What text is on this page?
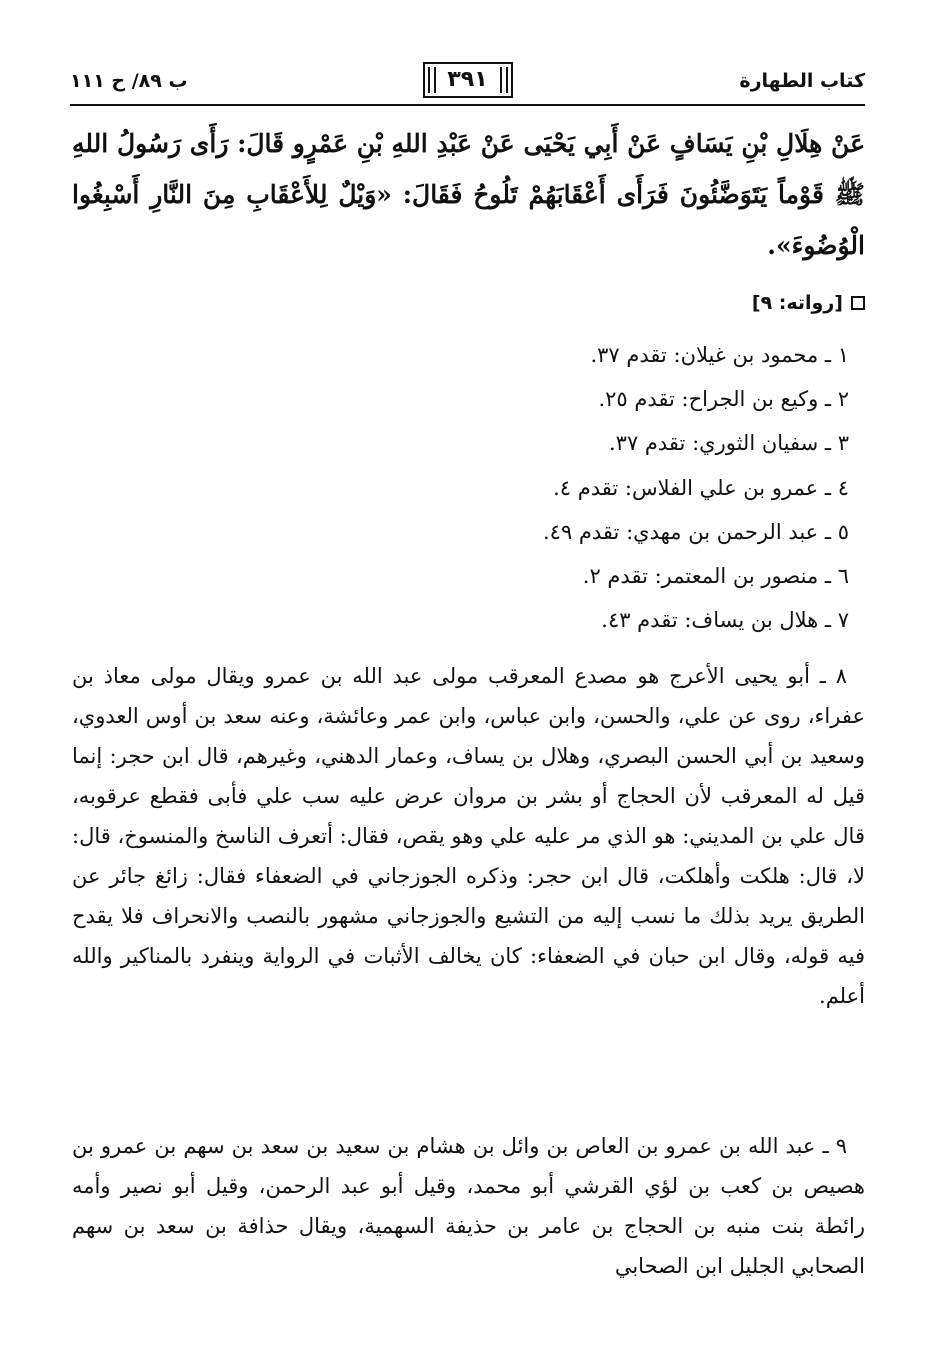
كتاب الطهارة
٣٩١
ب ٨٩/ ح ١١١
عَنْ هِلَالِ بْنِ يَسَافٍ عَنْ أَبِي يَحْيَى عَنْ عَبْدِ اللهِ بْنِ عَمْرٍو قَالَ: رَأَى رَسُولُ اللهِ ﷺ قَوْماً يَتَوَضَّئُونَ فَرَأَى أَعْقَابَهُمْ تَلُوحُ فَقَالَ: «وَيْلٌ لِلأَعْقَابِ مِنَ النَّارِ أَسْبِغُوا الْوُضُوءَ».
[رواته: ٩]
١ ـ محمود بن غيلان: تقدم ٣٧.
٢ ـ وكيع بن الجراح: تقدم ٢٥.
٣ ـ سفيان الثوري: تقدم ٣٧.
٤ ـ عمرو بن علي الفلاس: تقدم ٤.
٥ ـ عبد الرحمن بن مهدي: تقدم ٤٩.
٦ ـ منصور بن المعتمر: تقدم ٢.
٧ ـ هلال بن يساف: تقدم ٤٣.

٨ ـ أبو يحيى الأعرج هو مصدع المعرقب مولى عبد الله بن عمرو ويقال مولى معاذ بن عفراء، روى عن علي، والحسن، وابن عباس، وابن عمر وعائشة، وعنه سعد بن أوس العدوي، وسعيد بن أبي الحسن البصري، وهلال بن يساف، وعمار الدهني، وغيرهم، قال ابن حجر: إنما قيل له المعرقب لأن الحجاج أو بشر بن مروان عرض عليه سب علي فأبى فقطع عرقوبه، قال علي بن المديني: هو الذي مر عليه علي وهو يقص، فقال: أتعرف الناسخ والمنسوخ، قال: لا، قال: هلكت وأهلكت، قال ابن حجر: وذكره الجوزجاني في الضعفاء فقال: زائغ جائر عن الطريق يريد بذلك ما نسب إليه من التشيع والجوزجاني مشهور بالنصب والانحراف فلا يقدح فيه قوله، وقال ابن حبان في الضعفاء: كان يخالف الأثبات في الرواية وينفرد بالمناكير والله أعلم.

٩ ـ عبد الله بن عمرو بن العاص بن وائل بن هشام بن سعيد بن سعد بن سهم بن عمرو بن هصيص بن كعب بن لؤي القرشي أبو محمد، وقيل أبو عبد الرحمن، وقيل أبو نصير وأمه رائطة بنت منبه بن الحجاج بن عامر بن حذيفة السهمية، ويقال حذافة بن سعد بن سهم الصحابي الجليل ابن الصحابي
